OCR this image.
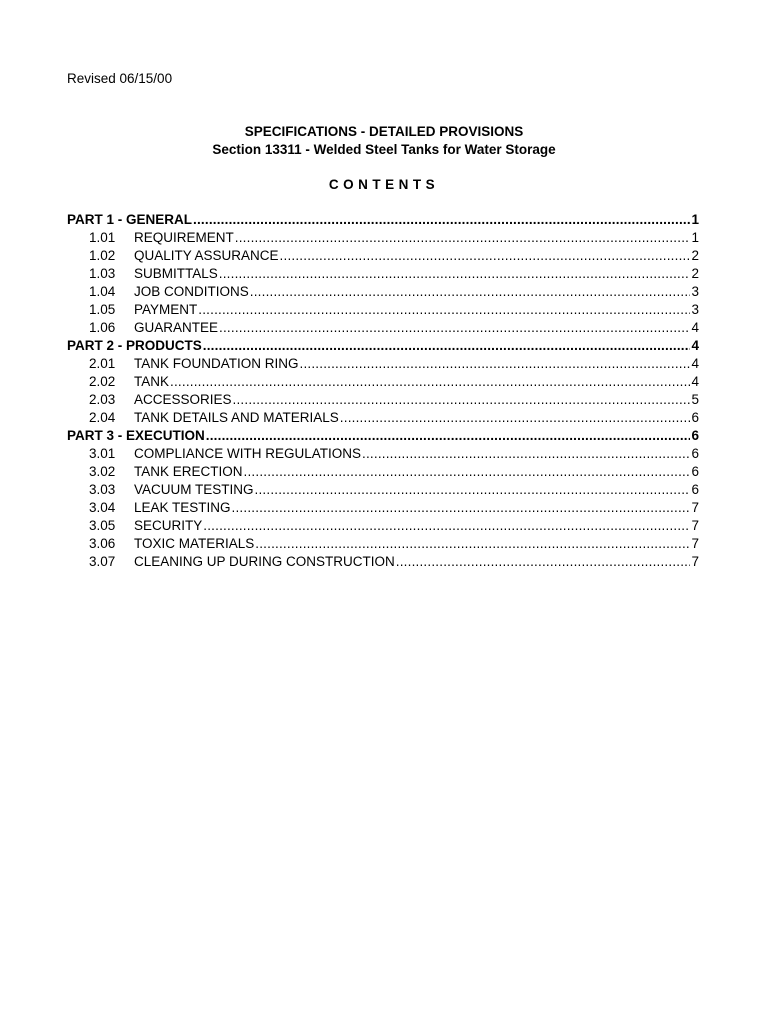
Revised 06/15/00
SPECIFICATIONS - DETAILED PROVISIONS
Section 13311 - Welded Steel Tanks for Water Storage
CONTENTS
PART 1 - GENERAL .....	1
1.01	REQUIREMENT .....	1
1.02	QUALITY ASSURANCE .....	2
1.03	SUBMITTALS .....	2
1.04	JOB CONDITIONS .....	3
1.05	PAYMENT .....	3
1.06	GUARANTEE .....	4
PART 2 - PRODUCTS .....	4
2.01	TANK FOUNDATION RING .....	4
2.02	TANK .....	4
2.03	ACCESSORIES .....	5
2.04	TANK DETAILS AND MATERIALS .....	6
PART 3 - EXECUTION .....	6
3.01	COMPLIANCE WITH REGULATIONS .....	6
3.02	TANK ERECTION .....	6
3.03	VACUUM TESTING .....	6
3.04	LEAK TESTING .....	7
3.05	SECURITY .....	7
3.06	TOXIC MATERIALS .....	7
3.07	CLEANING UP DURING CONSTRUCTION .....	7
